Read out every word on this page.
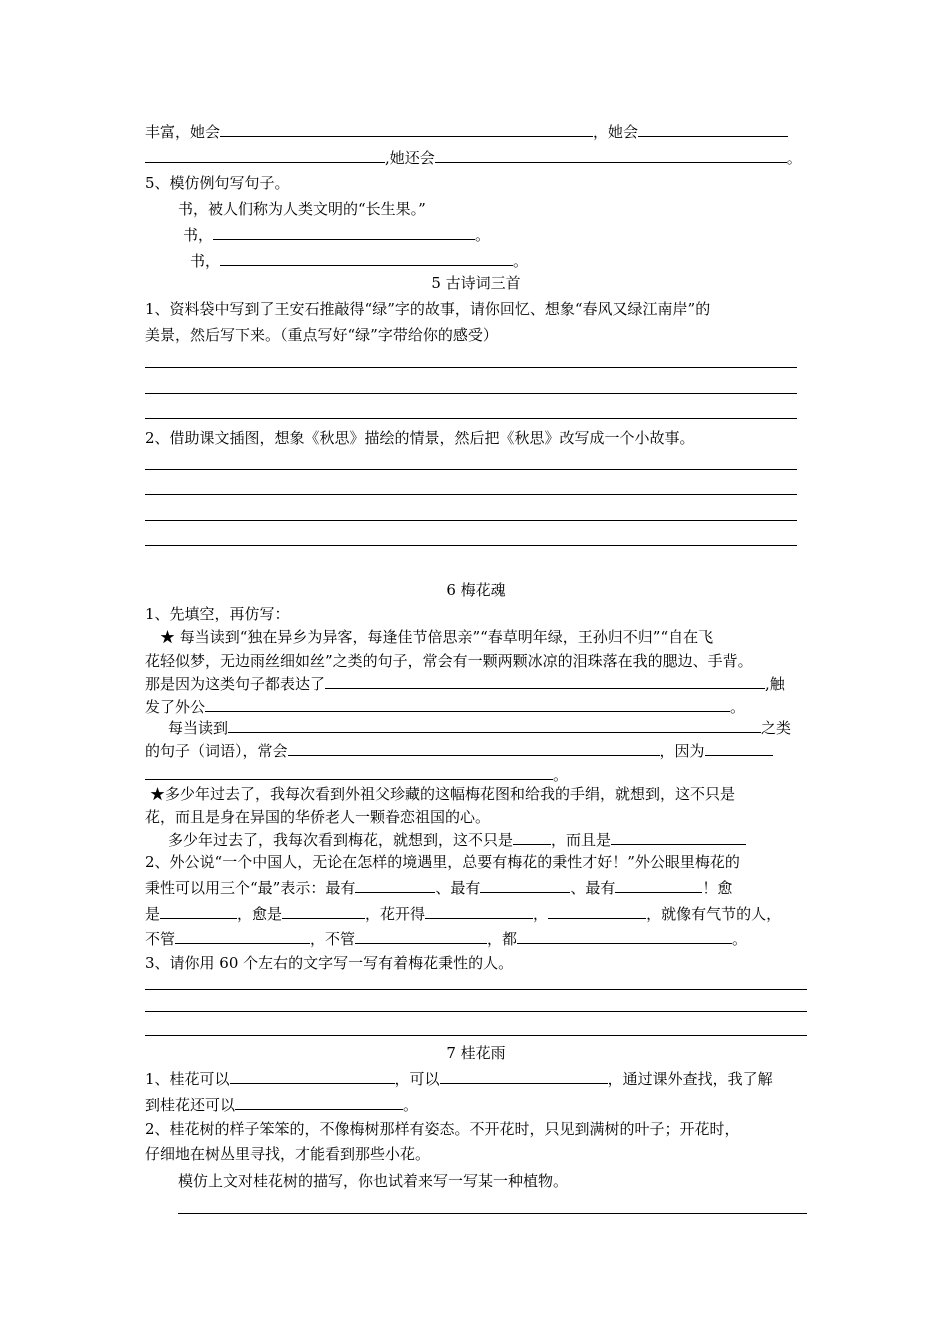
丰富，她会	，她会
,她还会	。
5、模仿例句写句子。
书，被人们称为人类文明的“长生果。”
书，	。
书，	。
5 古诗词三首
1、资料袋中写到了王安石推敲得“绿”字的故事，请你回忆、想象“春风又绿江南岸”的
美景，然后写下来。（重点写好“绿”字带给你的感受）
2、借助课文插图，想象《秋思》描绘的情景，然后把《秋思》改写成一个小故事。
6 梅花魂
1、先填空，再仿写：
★ 每当读到“独在异乡为异客，每逢佳节倍思亲”“春草明年绿，王孙归不归”“自在飞
花轻似梦，无边雨丝细如丝”之类的句子，常会有一颗两颗冰凉的泪珠落在我的腮边、手背。
那是因为这类句子都表达了	,触
发了外公	。
每当读到	之类
的句子（词语），常会	，因为
。
★多少年过去了，我每次看到外祖父珍藏的这幅梅花图和给我的手绢，就想到，这不只是
花，而且是身在异国的华侨老人一颗眷恋祖国的心。
多少年过去了，我每次看到梅花，就想到，这不只是	，而且是
2、外公说“一个中国人，无论在怎样的境遇里，总要有梅花的秉性才好！”外公眼里梅花的
秉性可以用三个“最”表示：最有	、最有	、最有	！愈
是	，愈是	，花开得	，	，就像有气节的人，
不管	，不管	，都	。
3、请你用 60 个左右的文字写一写有着梅花秉性的人。
7 桂花雨
1、桂花可以	，可以	，通过课外查找，我了解
到桂花还可以	。
2、桂花树的样子笨笨的，不像梅树那样有姿态。不开花时，只见到满树的叶子；开花时，
仔细地在树丛里寻找，才能看到那些小花。
模仿上文对桂花树的描写，你也试着来写一写某一种植物。
